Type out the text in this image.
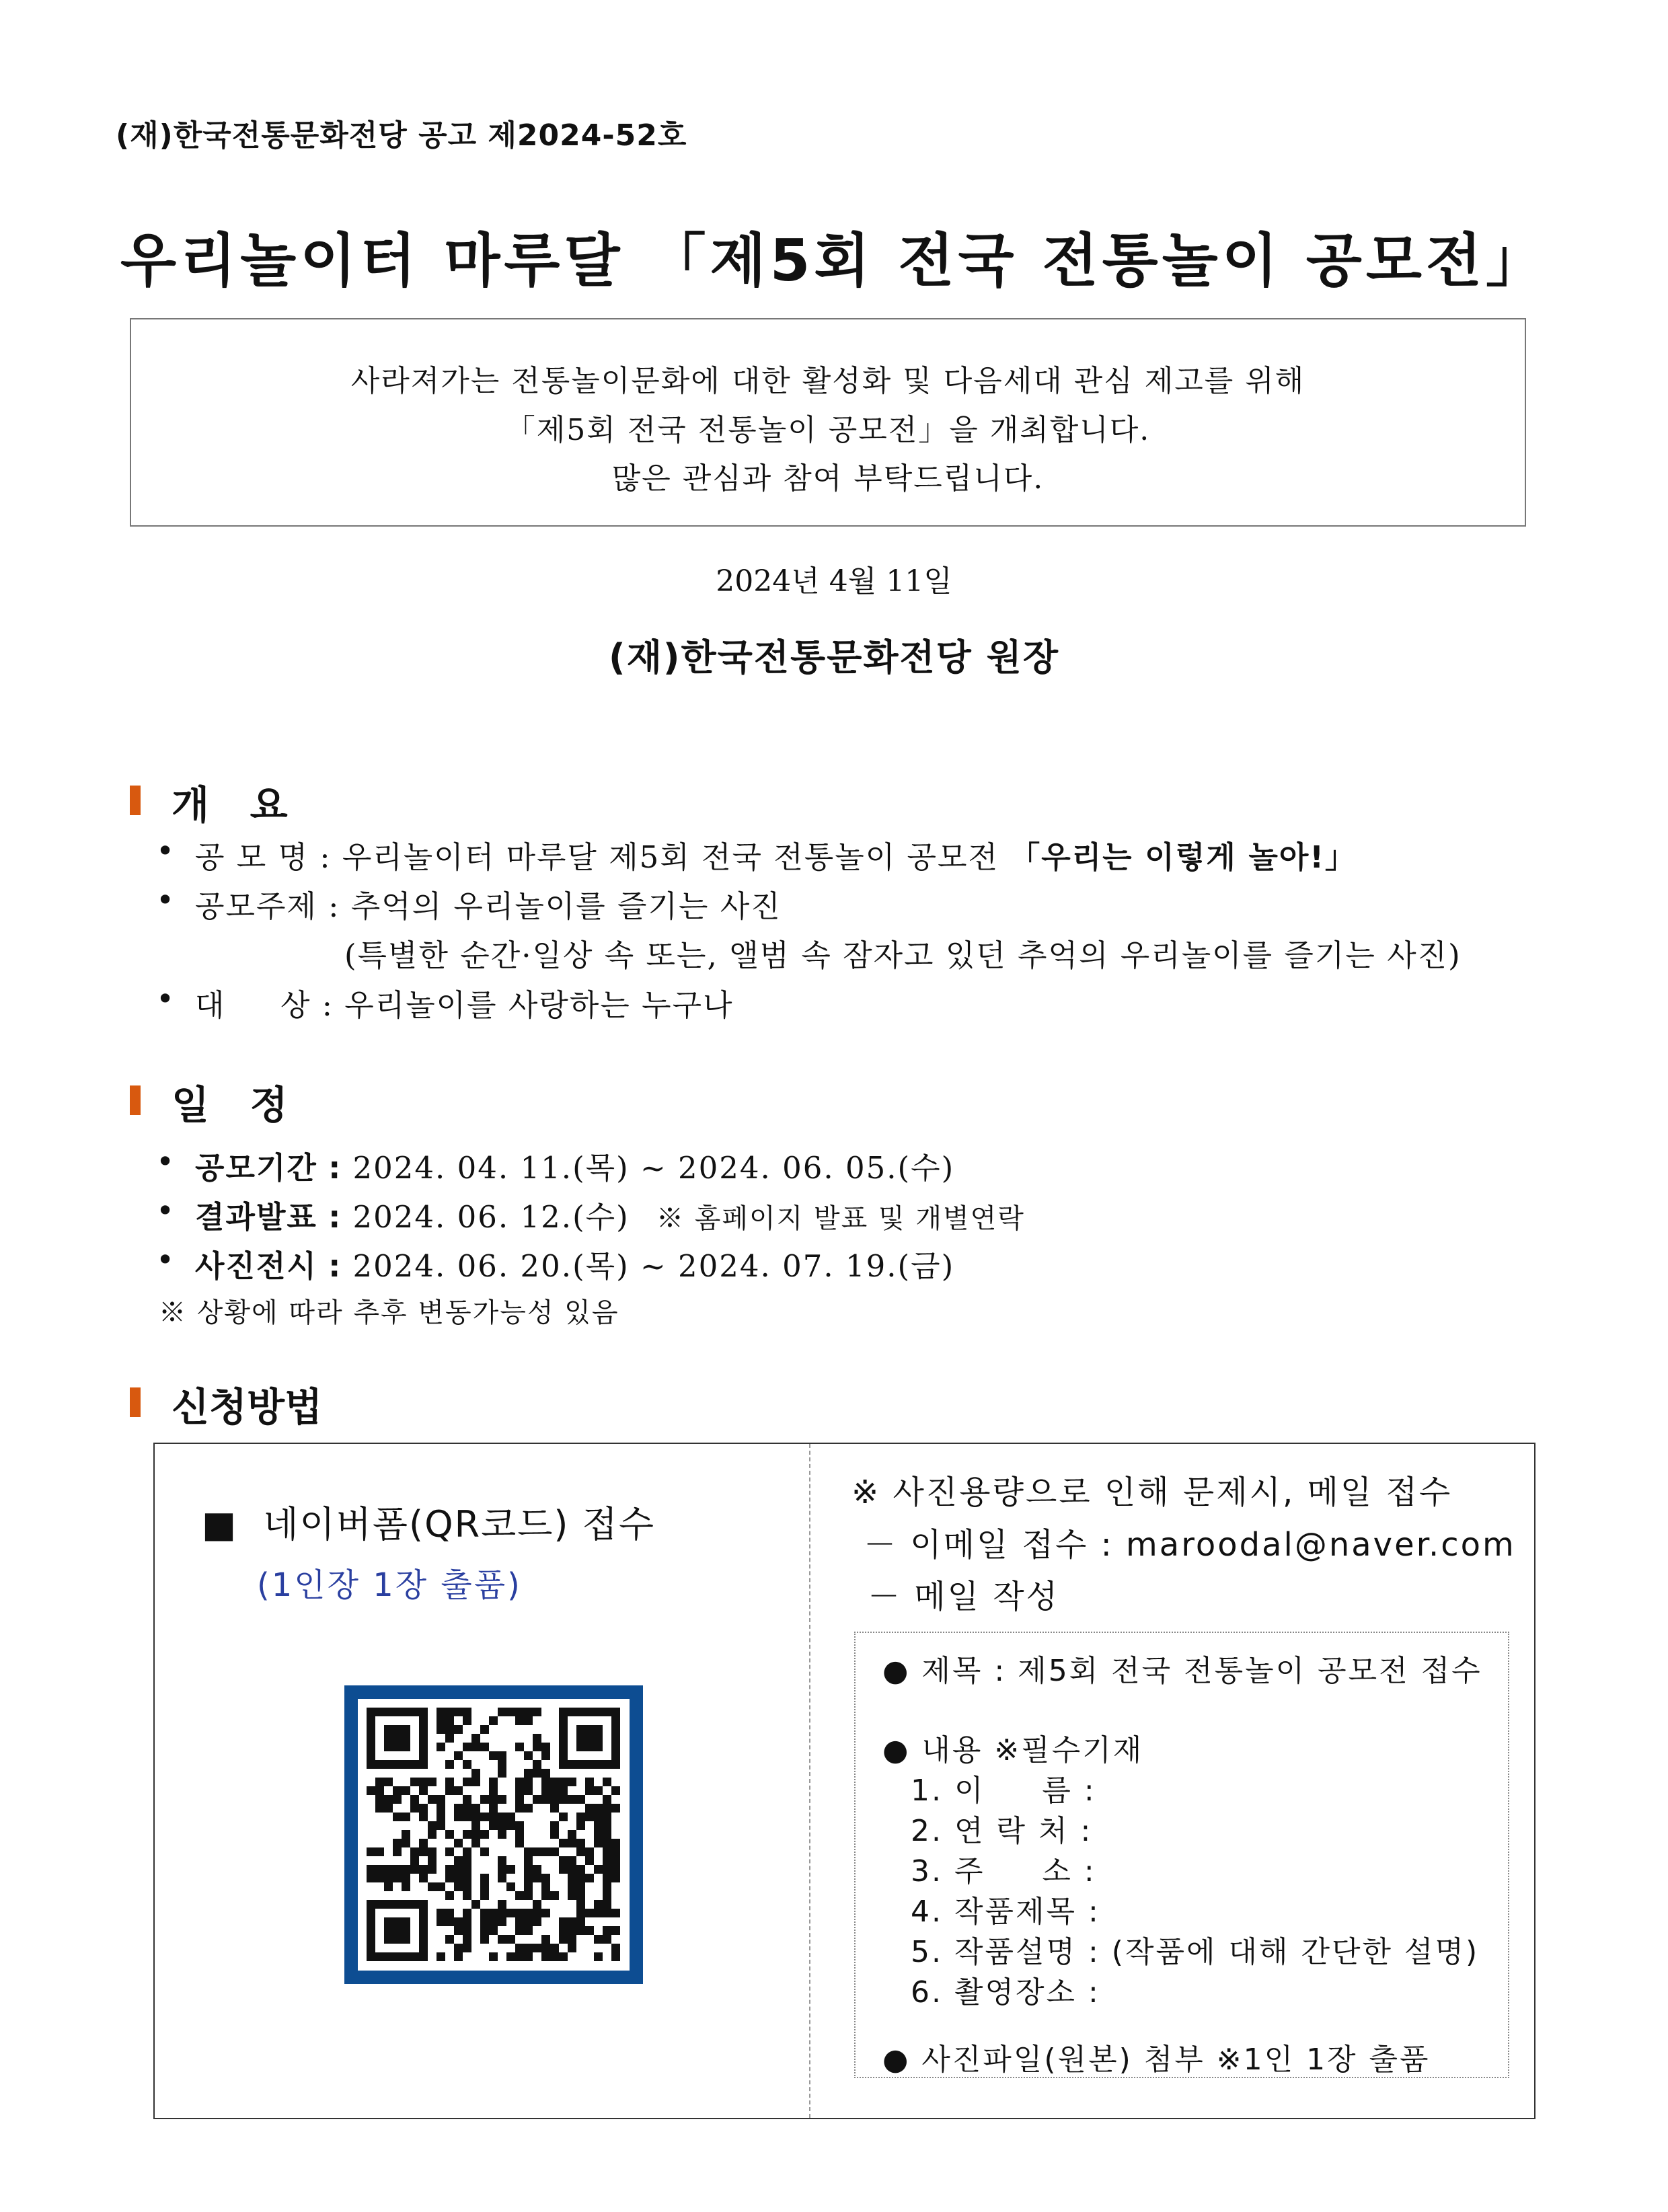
(재)한국전통문화전당 공고 제2024-52호
우리놀이터 마루달 「제5회 전국 전통놀이 공모전」
사라져가는 전통놀이문화에 대한 활성화 및 다음세대 관심 제고를 위해
「제5회 전국 전통놀이 공모전」을 개최합니다.
많은 관심과 참여 부탁드립니다.
2024년 4월 11일
(재)한국전통문화전당 원장
개   요
• 공 모 명 : 우리놀이터 마루달 제5회 전국 전통놀이 공모전 「우리는 이렇게 놀아!」
• 공모주제 : 추억의 우리놀이를 즐기는 사진
(특별한 순간·일상 속 또는, 앨범 속 잠자고 있던 추억의 우리놀이를 즐기는 사진)
• 대     상 : 우리놀이를 사랑하는 누구나
일   정
• 공모기간 : 2024. 04. 11.(목) ~ 2024. 06. 05.(수)
• 결과발표 : 2024. 06. 12.(수) ※ 홈페이지 발표 및 개별연락
• 사진전시 : 2024. 06. 20.(목) ~ 2024. 07. 19.(금)
※ 상황에 따라 추후 변동가능성 있음
신청방법
■  네이버폼(QR코드) 접수
(1인장 1장 출품)
※ 사진용량으로 인해 문제시, 메일 접수
－ 이메일 접수 : maroodal@naver.com
－ 메일 작성
● 제목 : 제5회 전국 전통놀이 공모전 접수
● 내용 ※필수기재
1. 이     름 :
2. 연 락 처 :
3. 주     소 :
4. 작품제목 :
5. 작품설명 : (작품에 대해 간단한 설명)
6. 촬영장소 :
● 사진파일(원본) 첨부 ※1인 1장 출품
